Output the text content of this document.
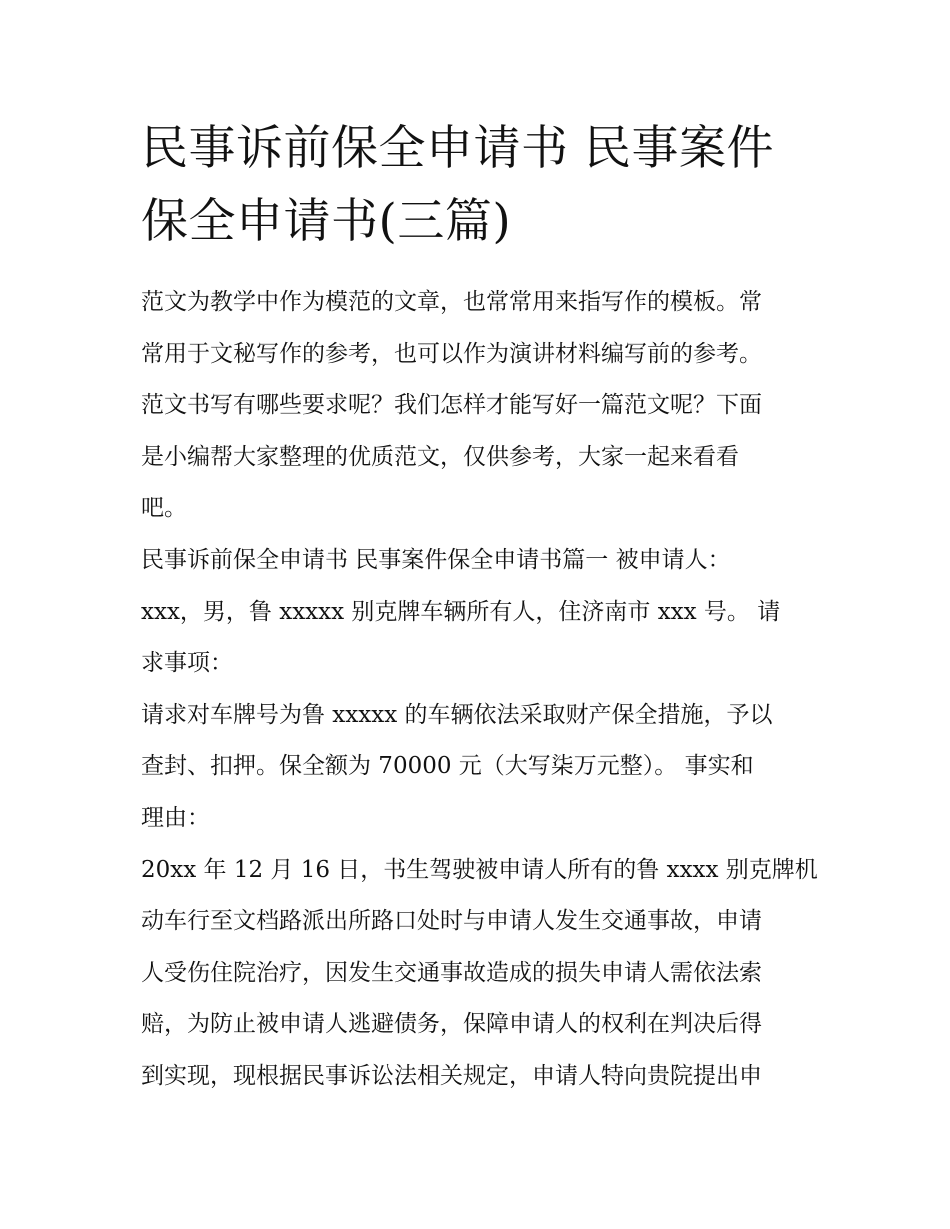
民事诉前保全申请书 民事案件
保全申请书(三篇)
范文为教学中作为模范的文章，也常常用来指写作的模板。常
常用于文秘写作的参考，也可以作为演讲材料编写前的参考。
范文书写有哪些要求呢？我们怎样才能写好一篇范文呢？下面
是小编帮大家整理的优质范文，仅供参考，大家一起来看看
吧。
民事诉前保全申请书 民事案件保全申请书篇一 被申请人：
xxx，男，鲁 xxxxx 别克牌车辆所有人，住济南市 xxx 号。 请
求事项：
请求对车牌号为鲁 xxxxx 的车辆依法采取财产保全措施，予以
查封、扣押。保全额为 70000 元（大写柒万元整）。 事实和
理由：
20xx 年 12 月 16 日，书生驾驶被申请人所有的鲁 xxxx 别克牌机
动车行至文档路派出所路口处时与申请人发生交通事故，申请
人受伤住院治疗，因发生交通事故造成的损失申请人需依法索
赔，为防止被申请人逃避债务，保障申请人的权利在判决后得
到实现，现根据民事诉讼法相关规定，申请人特向贵院提出申
